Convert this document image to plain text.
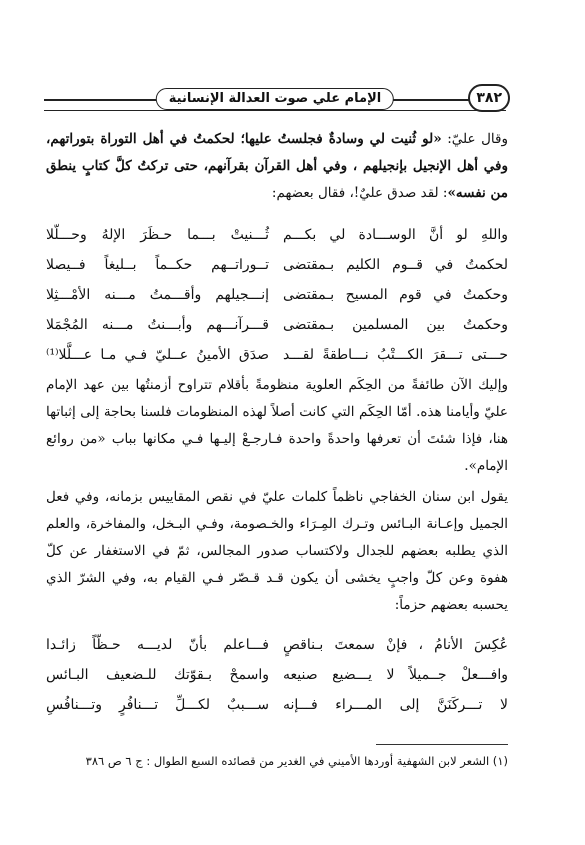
الإمام علي صوت العدالة الإنسانية	٣٨٢
وقال عليّ: «لو ثُنيت لي وسادةٌ فجلستُ عليها؛ لحكمتُ في أهل التوراة بتوراتهم، وفي أهل الإنجيل بإنجيلهم ، وفي أهل القرآن بقرآنهم، حتى تركتُ كلَّ كتابٍ ينطق من نفسه»: لقد صدق عليٌ!، فقال بعضهم:
واللهِ لو أنَّ الوســـادة لي بكـــم
ثُـــنيتْ بـــما حـظَرَ الإلهُ وحـــلّلا
لحكمتُ في قــوم الكليم بـمقتضى
تــوراتــهم حكــماً بــليغاً فــيصلا
وحكمتُ في قوم المسيح بـمقتضى
إنـــجيلهم وأقـــمتُ مـــنه الأمْـــثِلا
وحكمتُ بين المسلمين بـمقتضى
قـــرآنـــهم وأبـــنتُ مـــنه المُجْمَلا
حـــتى تـــقرَ الكـــتْبُ نـــاطقةً لقـــد
صدَق الأمينُ عــليّ فـي مـا عـــلَّلا⁽¹⁾
وإليك الآن طائفةً من الحِكَم العلوية منظومةً بأقلام تتراوح أزمنتُها بين عهد الإمام عليّ وأيامنا هذه. أمّا الحِكَم التي كانت أصلاً لهذه المنظومات فلسنا بحاجة إلى إثباتها هنا، فإذا شئتَ أن تعرفها واحدةً واحدة فـارجـعْ إليـها فـي مكانها بباب «من روائع الإمام».
يقول ابن سنان الخفاجي ناظماً كلمات عليّ في نقص المقاييس بزمانه، وفي فعل الجميل وإعـانة البـائس وتـرك المِـرَاء والخـصومة، وفـي البـخل، والمفاخرة، والعلم الذي يطلبه بعضهم للجدال ولاكتساب صدور المجالس، ثمّ في الاستغفار عن كلّ هفوة وعن كلّ واجبٍ يخشى أن يكون قـد قـصّر فـي القيام به، وفي الشرّ الذي يحسبه بعضهم حزماً:
عُكِسَ الأنامُ ، فإنْ سمعتَ بـناقصٍ
فـــاعلم بأنّ لديـــه حـظّاً زائـدا
وافـــعلْ جــميلاً لا يـــضيع صنيعه
واسمحْ بـقوّتك للـضعيف البـائس
لا تـــركَنَنَّ إلى المـــراء فـــإنه
ســـببٌ لكـــلِّ تـــنافُرٍ وتـــنافُسِ
(١) الشعر لابن الشهفية أوردها الأميني في الغدير من قصائده السبع الطوال : ج ٦ ص ٣٨٦
